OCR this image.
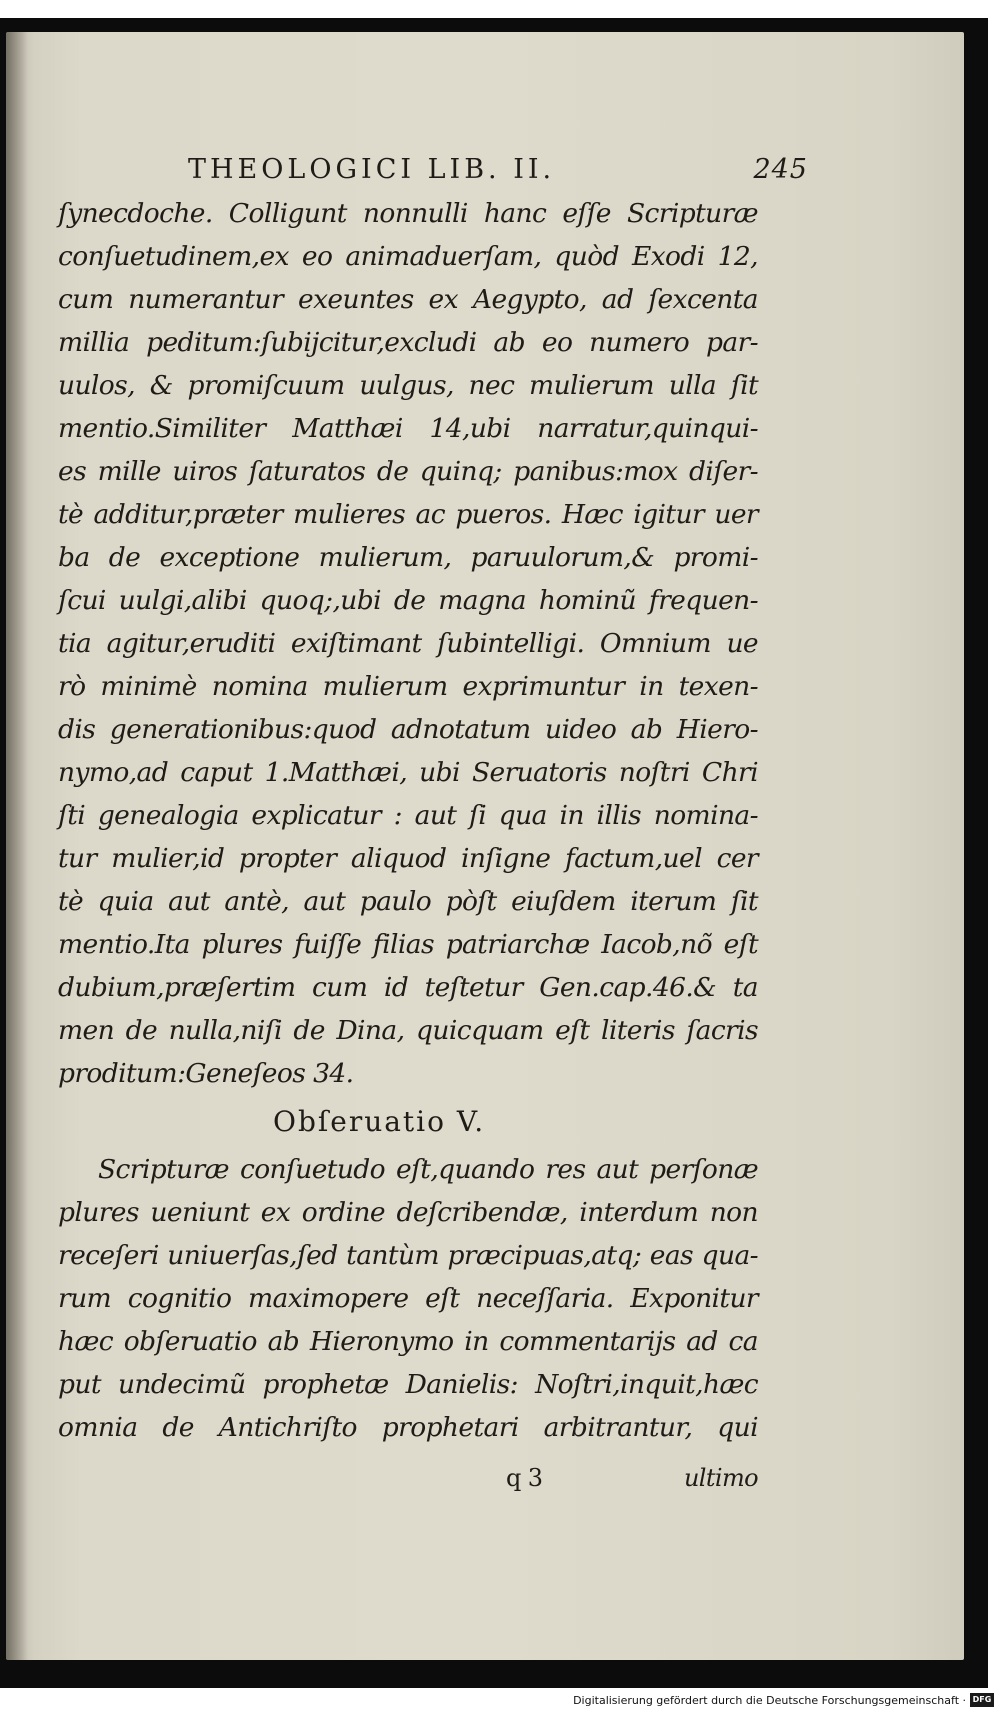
THEOLOGICI LIB. II.	245
ſynecdoche. Colligunt nonnulli hanc eſſe Scripturæ
conſuetudinem,ex eo animaduerſam, quòd Exodi 12,
cum numerantur exeuntes ex Aegypto, ad ſexcenta
millia peditum:ſubijcitur,excludi ab eo numero par-
uulos, & promiſcuum uulgus, nec mulierum ulla ſit
mentio.Similiter Matthæi 14,ubi narratur,quinqui-
es mille uiros ſaturatos de quinq; panibus:mox diſer-
tè additur,præter mulieres ac pueros. Hæc igitur uer
ba de exceptione mulierum, paruulorum,& promi-
ſcui uulgi,alibi quoq;,ubi de magna hominũ frequen-
tia agitur,eruditi exiſtimant ſubintelligi. Omnium ue
rò minimè nomina mulierum exprimuntur in texen-
dis generationibus:quod adnotatum uideo ab Hiero-
nymo,ad caput 1.Matthæi, ubi Seruatoris noſtri Chri
ſti genealogia explicatur : aut ſi qua in illis nomina-
tur mulier,id propter aliquod inſigne factum,uel cer
tè quia aut antè, aut paulo pòſt eiuſdem iterum ſit
mentio.Ita plures fuiſſe filias patriarchæ Iacob,nõ eſt
dubium,præſertim cum id teſtetur Gen.cap.46.& ta
men de nulla,niſi de Dina, quicquam eſt literis ſacris
proditum:Geneſeos 34.
Obſeruatio V.
Scripturæ conſuetudo eſt,quando res aut perſonæ
plures ueniunt ex ordine deſcribendæ, interdum non
receſeri uniuerſas,ſed tantùm præcipuas,atq; eas qua-
rum cognitio maximopere eſt neceſſaria. Exponitur
hæc obſeruatio ab Hieronymo in commentarijs ad ca
put undecimũ prophetæ Danielis: Noſtri,inquit,hæc
omnia de Antichriſto prophetari arbitrantur, qui
q 3	ultimo
Digitalisierung gefördert durch die Deutsche Forschungsgemeinschaft · DFG
